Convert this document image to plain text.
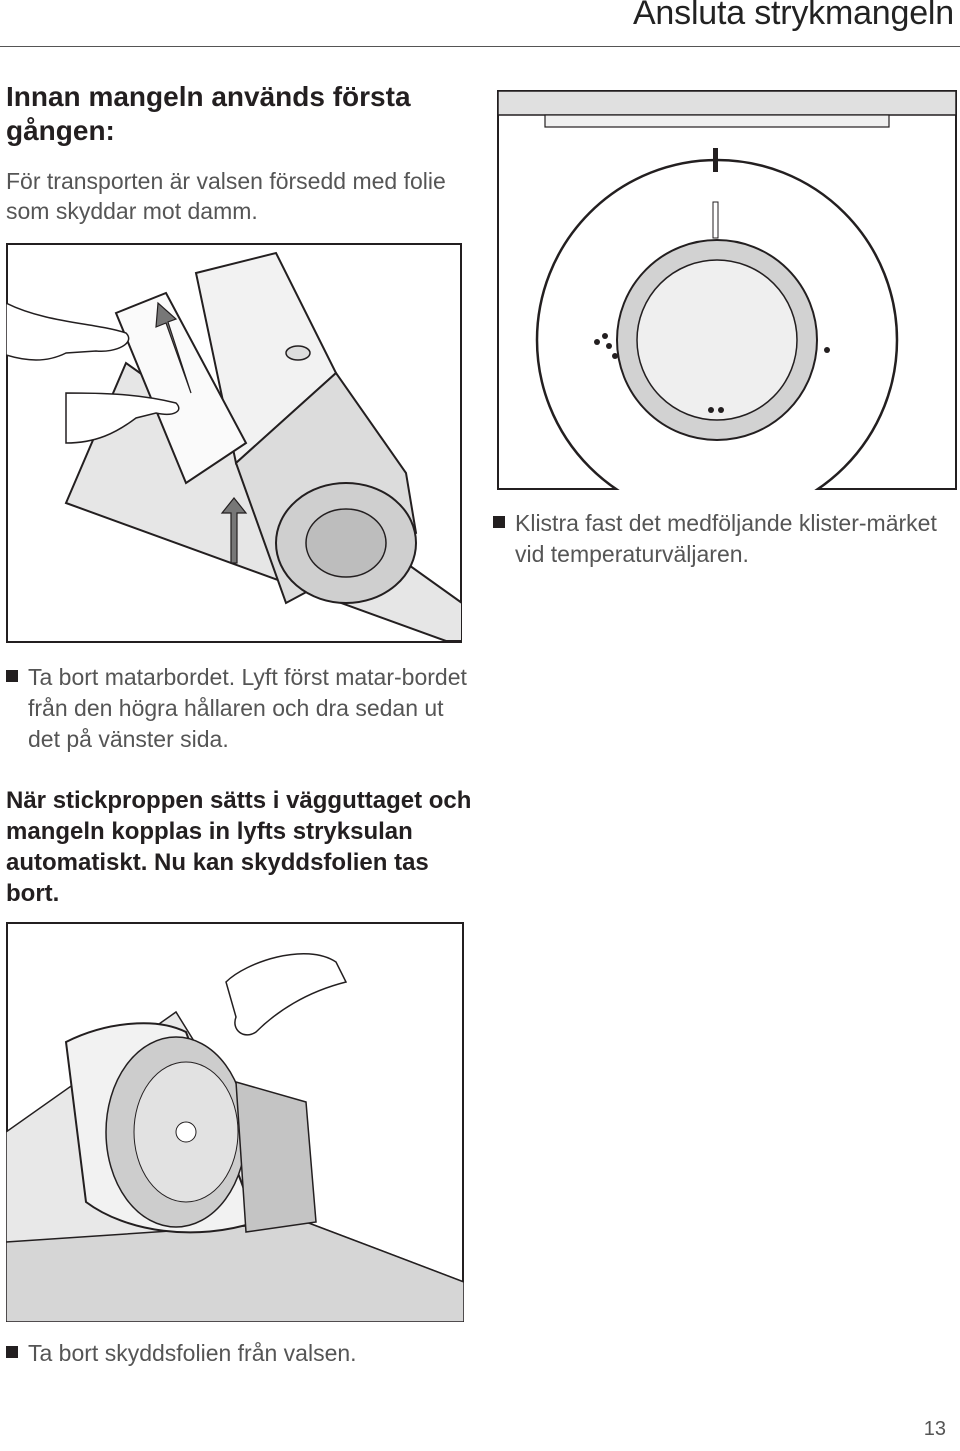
Ansluta strykmangeln
Innan mangeln används första gången:
För transporten är valsen försedd med folie som skyddar mot damm.
Klistra fast det medföljande klister-märket vid temperaturväljaren.
Ta bort matarbordet. Lyft först matar-bordet från den högra hållaren och dra sedan ut det på vänster sida.
När stickproppen sätts i vägguttaget och mangeln kopplas in lyfts stryksulan automatiskt. Nu kan skyddsfolien tas bort.
Ta bort skyddsfolien från valsen.
13
